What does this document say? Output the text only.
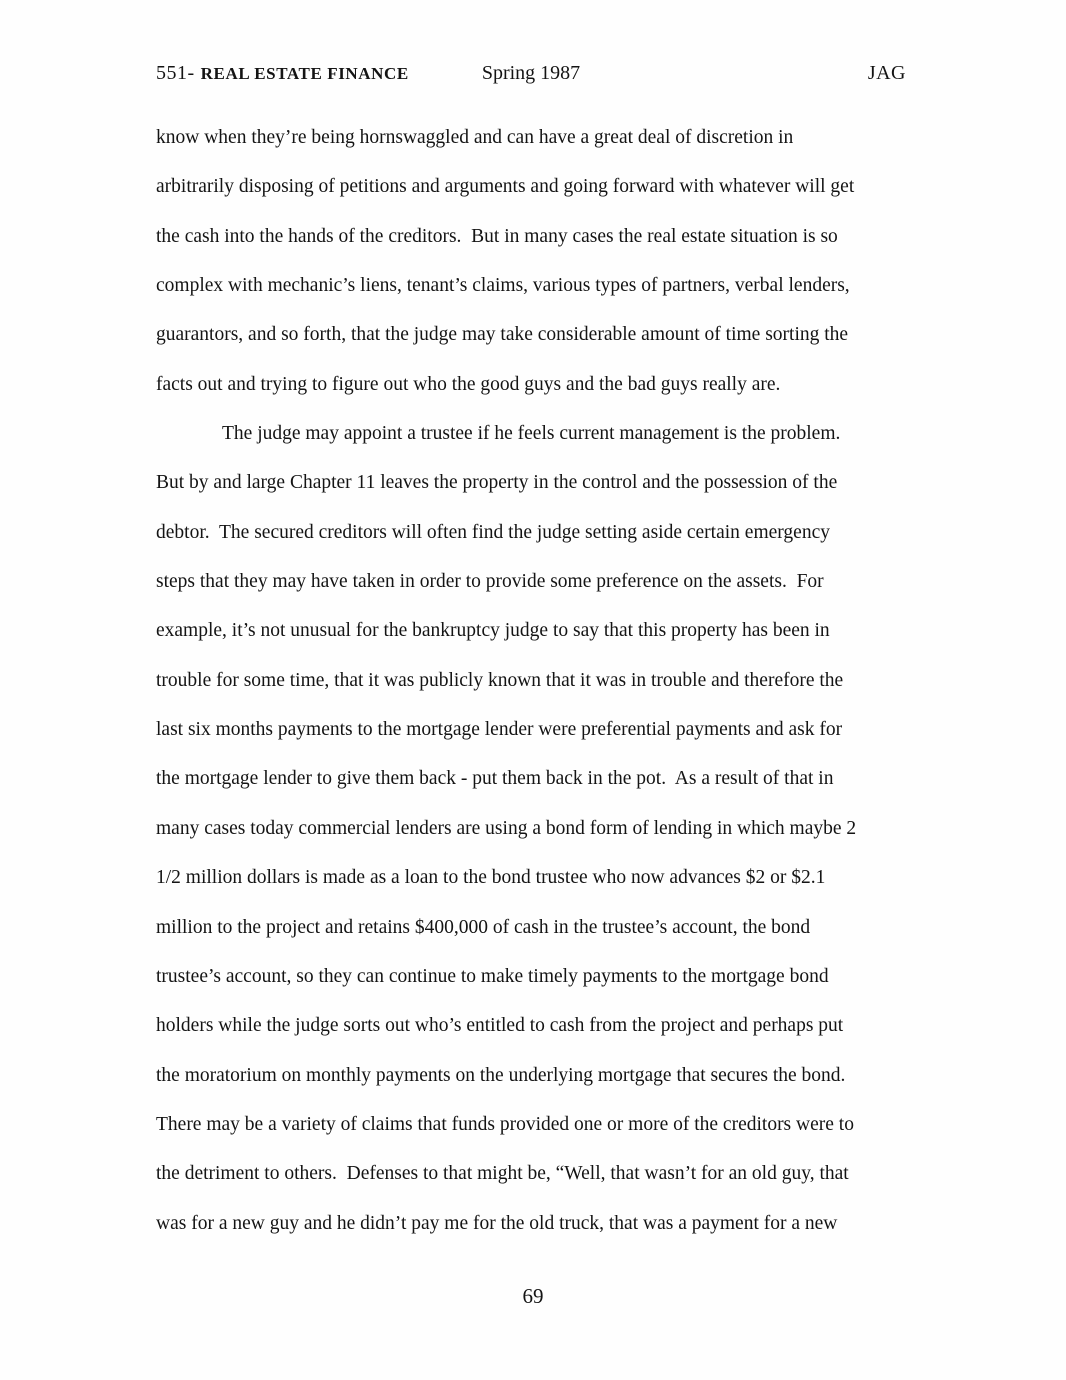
551- REAL ESTATE FINANCE	Spring 1987	JAG
know when they’re being hornswaggled and can have a great deal of discretion in
arbitrarily disposing of petitions and arguments and going forward with whatever will get
the cash into the hands of the creditors.  But in many cases the real estate situation is so
complex with mechanic’s liens, tenant’s claims, various types of partners, verbal lenders,
guarantors, and so forth, that the judge may take considerable amount of time sorting the
facts out and trying to figure out who the good guys and the bad guys really are.
The judge may appoint a trustee if he feels current management is the problem.
But by and large Chapter 11 leaves the property in the control and the possession of the
debtor.  The secured creditors will often find the judge setting aside certain emergency
steps that they may have taken in order to provide some preference on the assets.  For
example, it’s not unusual for the bankruptcy judge to say that this property has been in
trouble for some time, that it was publicly known that it was in trouble and therefore the
last six months payments to the mortgage lender were preferential payments and ask for
the mortgage lender to give them back - put them back in the pot.  As a result of that in
many cases today commercial lenders are using a bond form of lending in which maybe 2
1/2 million dollars is made as a loan to the bond trustee who now advances $2 or $2.1
million to the project and retains $400,000 of cash in the trustee’s account, the bond
trustee’s account, so they can continue to make timely payments to the mortgage bond
holders while the judge sorts out who’s entitled to cash from the project and perhaps put
the moratorium on monthly payments on the underlying mortgage that secures the bond.
There may be a variety of claims that funds provided one or more of the creditors were to
the detriment to others.  Defenses to that might be, “Well, that wasn’t for an old guy, that
was for a new guy and he didn’t pay me for the old truck, that was a payment for a new
69
